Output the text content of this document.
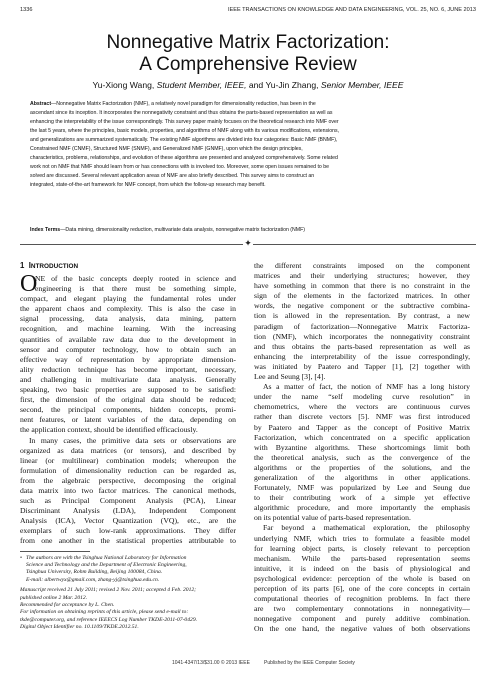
1336	IEEE TRANSACTIONS ON KNOWLEDGE AND DATA ENGINEERING, VOL. 25, NO. 6, JUNE 2013
Nonnegative Matrix Factorization:
A Comprehensive Review
Yu-Xiong Wang, Student Member, IEEE, and Yu-Jin Zhang, Senior Member, IEEE
Abstract—Nonnegative Matrix Factorization (NMF), a relatively novel paradigm for dimensionality reduction, has been in the
ascendant since its inception. It incorporates the nonnegativity constraint and thus obtains the parts-based representation as well as
enhancing the interpretability of the issue correspondingly. This survey paper mainly focuses on the theoretical research into NMF over
the last 5 years, where the principles, basic models, properties, and algorithms of NMF along with its various modifications, extensions,
and generalizations are summarized systematically. The existing NMF algorithms are divided into four categories: Basic NMF (BNMF),
Constrained NMF (CNMF), Structured NMF (SNMF), and Generalized NMF (GNMF), upon which the design principles,
characteristics, problems, relationships, and evolution of these algorithms are presented and analyzed comprehensively. Some related
work not on NMF that NMF should learn from or has connections with is involved too. Moreover, some open issues remained to be
solved are discussed. Several relevant application areas of NMF are also briefly described. This survey aims to construct an
integrated, state-of-the-art framework for NMF concept, from which the follow-up research may benefit.
Index Terms—Data mining, dimensionality reduction, multivariate data analysis, nonnegative matrix factorization (NMF)
✦
1 INTRODUCTION
O
NE of the basic concepts deeply rooted in science and
engineering is that there must be something simple,
compact, and elegant playing the fundamental roles under
the apparent chaos and complexity. This is also the case in
signal processing, data analysis, data mining, pattern
recognition, and machine learning. With the increasing
quantities of available raw data due to the development in
sensor and computer technology, how to obtain such an
effective way of representation by appropriate dimension-
ality reduction technique has become important, necessary,
and challenging in multivariate data analysis. Generally
speaking, two basic properties are supposed to be satisfied:
first, the dimension of the original data should be reduced;
second, the principal components, hidden concepts, promi-
nent features, or latent variables of the data, depending on
the application context, should be identified efficaciously.
In many cases, the primitive data sets or observations are
organized as data matrices (or tensors), and described by
linear (or multilinear) combination models; whereupon the
formulation of dimensionality reduction can be regarded as,
from the algebraic perspective, decomposing the original
data matrix into two factor matrices. The canonical methods,
such as Principal Component Analysis (PCA), Linear
Discriminant Analysis (LDA), Independent Component
Analysis (ICA), Vector Quantization (VQ), etc., are the
exemplars of such low-rank approximations. They differ
from one another in the statistical properties attributable to
• The authors are with the Tsinghua National Laboratory for Information
Science and Technology and the Department of Electronic Engineering,
Tsinghua University, Rohm Building, Beijing 100084, China.
E-mail: albertwyx@gmail.com, zhang-yj@tsinghua.edu.cn.
Manuscript received 21 July 2011; revised 2 Nov. 2011; accepted 4 Feb. 2012;
published online 2 Mar. 2012.
Recommended for acceptance by L. Chen.
For information on obtaining reprints of this article, please send e-mail to:
tkde@computer.org, and reference IEEECS Log Number TKDE-2011-07-0429.
Digital Object Identifier no. 10.1109/TKDE.2012.51.
the different constraints imposed on the component
matrices and their underlying structures; however, they
have something in common that there is no constraint in the
sign of the elements in the factorized matrices. In other
words, the negative component or the subtractive combina-
tion is allowed in the representation. By contrast, a new
paradigm of factorization—Nonnegative Matrix Factoriza-
tion (NMF), which incorporates the nonnegativity constraint
and thus obtains the parts-based representation as well as
enhancing the interpretability of the issue correspondingly,
was initiated by Paatero and Tapper [1], [2] together with
Lee and Seung [3], [4].
As a matter of fact, the notion of NMF has a long history
under the name “self modeling curve resolution” in
chemometrics, where the vectors are continuous curves
rather than discrete vectors [5]. NMF was first introduced
by Paatero and Tapper as the concept of Positive Matrix
Factorization, which concentrated on a specific application
with Byzantine algorithms. These shortcomings limit both
the theoretical analysis, such as the convergence of the
algorithms or the properties of the solutions, and the
generalization of the algorithms in other applications.
Fortunately, NMF was popularized by Lee and Seung due
to their contributing work of a simple yet effective
algorithmic procedure, and more importantly the emphasis
on its potential value of parts-based representation.
Far beyond a mathematical exploration, the philosophy
underlying NMF, which tries to formulate a feasible model
for learning object parts, is closely relevant to perception
mechanism. While the parts-based representation seems
intuitive, it is indeed on the basis of physiological and
psychological evidence: perception of the whole is based on
perception of its parts [6], one of the core concepts in certain
computational theories of recognition problems. In fact there
are two complementary connotations in nonnegativity—
nonnegative component and purely additive combination.
On the one hand, the negative values of both observations
1041-4347/13/$31.00 © 2013 IEEE	Published by the IEEE Computer Society
